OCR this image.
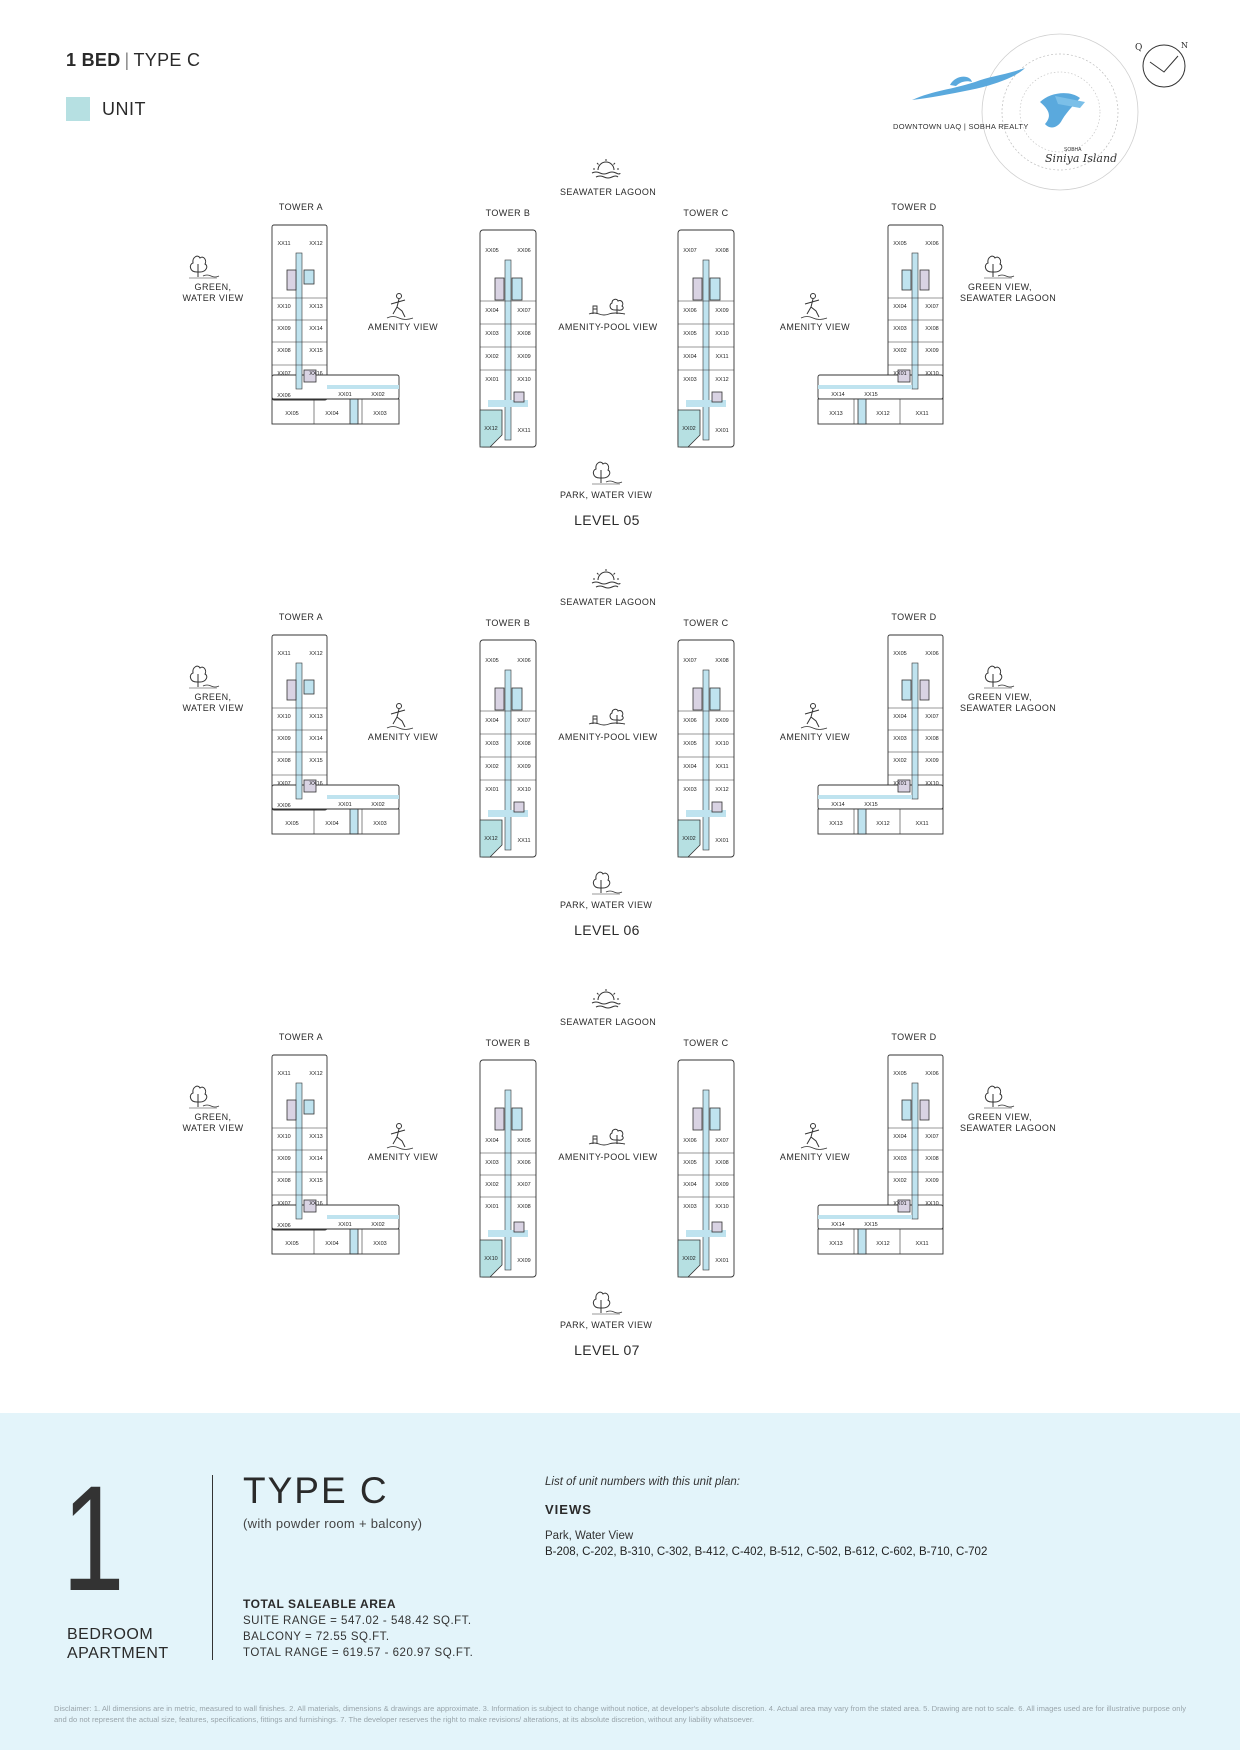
1 BED | TYPE C
UNIT
DOWNTOWN UAQ | SOBHA REALTY
SOBHA
Siniya Island
Q	N
XX11	XX12
XX10	XX13
XX09	XX14
XX08	XX15
XX07	XX16
XX06	XX01	XX02
XX05	XX04	XX03
XX05	XX06
XX04	XX07
XX03	XX08
XX02	XX09
XX01	XX10
XX12	XX11
XX07	XX08
XX06	XX09
XX05	XX10
XX04	XX11
XX03	XX12
XX02	XX01
XX05	XX06
XX04	XX07
XX03	XX08
XX02	XX09
XX01	XX10
XX14	XX15
XX13	XX12	XX11
SEAWATER LAGOON
TOWER A
TOWER B	TOWER C
TOWER D
GREEN,
WATER VIEW
GREEN VIEW,
SEAWATER LAGOON
AMENITY VIEW	AMENITY-POOL VIEW	AMENITY VIEW
PARK, WATER VIEW
LEVEL 05
XX11	XX12
XX10	XX13
XX09	XX14
XX08	XX15
XX07	XX16
XX06	XX01	XX02
XX05	XX04	XX03
XX05	XX06
XX04	XX07
XX03	XX08
XX02	XX09
XX01	XX10
XX12	XX11
XX07	XX08
XX06	XX09
XX05	XX10
XX04	XX11
XX03	XX12
XX02	XX01
XX05	XX06
XX04	XX07
XX03	XX08
XX02	XX09
XX01	XX10
XX14	XX15
XX13	XX12	XX11
SEAWATER LAGOON
TOWER A
TOWER B	TOWER C
TOWER D
GREEN,
WATER VIEW
GREEN VIEW,
SEAWATER LAGOON
AMENITY VIEW	AMENITY-POOL VIEW	AMENITY VIEW
PARK, WATER VIEW
LEVEL 06
XX11	XX12
XX10	XX13
XX09	XX14
XX08	XX15
XX07	XX16
XX06	XX01	XX02
XX05	XX04	XX03
XX04	XX05
XX03	XX06
XX02	XX07
XX01	XX08
XX10	XX09
XX06	XX07
XX05	XX08
XX04	XX09
XX03	XX10
XX02	XX01
XX05	XX06
XX04	XX07
XX03	XX08
XX02	XX09
XX01	XX10
XX14	XX15
XX13	XX12	XX11
SEAWATER LAGOON
TOWER A
TOWER B	TOWER C
TOWER D
GREEN,
WATER VIEW
GREEN VIEW,
SEAWATER LAGOON
AMENITY VIEW	AMENITY-POOL VIEW	AMENITY VIEW
PARK, WATER VIEW
LEVEL 07
1
BEDROOM
APARTMENT
TYPE C
(with powder room + balcony)
TOTAL SALEABLE AREA
SUITE RANGE = 547.02 - 548.42 SQ.FT.
BALCONY = 72.55 SQ.FT.
TOTAL RANGE = 619.57 - 620.97 SQ.FT.
List of unit numbers with this unit plan:
VIEWS
Park, Water View
B-208, C-202, B-310, C-302, B-412, C-402, B-512, C-502, B-612, C-602, B-710, C-702
Disclaimer: 1. All dimensions are in metric, measured to wall finishes. 2. All materials, dimensions & drawings are approximate. 3. Information is subject to change without notice, at developer's absolute discretion. 4. Actual area may vary from the stated area. 5. Drawing are not to scale. 6. All images used are for illustrative purpose only and do not represent the actual size, features, specifications, fittings and furnishings. 7. The developer reserves the right to make revisions/ alterations, at its absolute discretion, without any liability whatsoever.
